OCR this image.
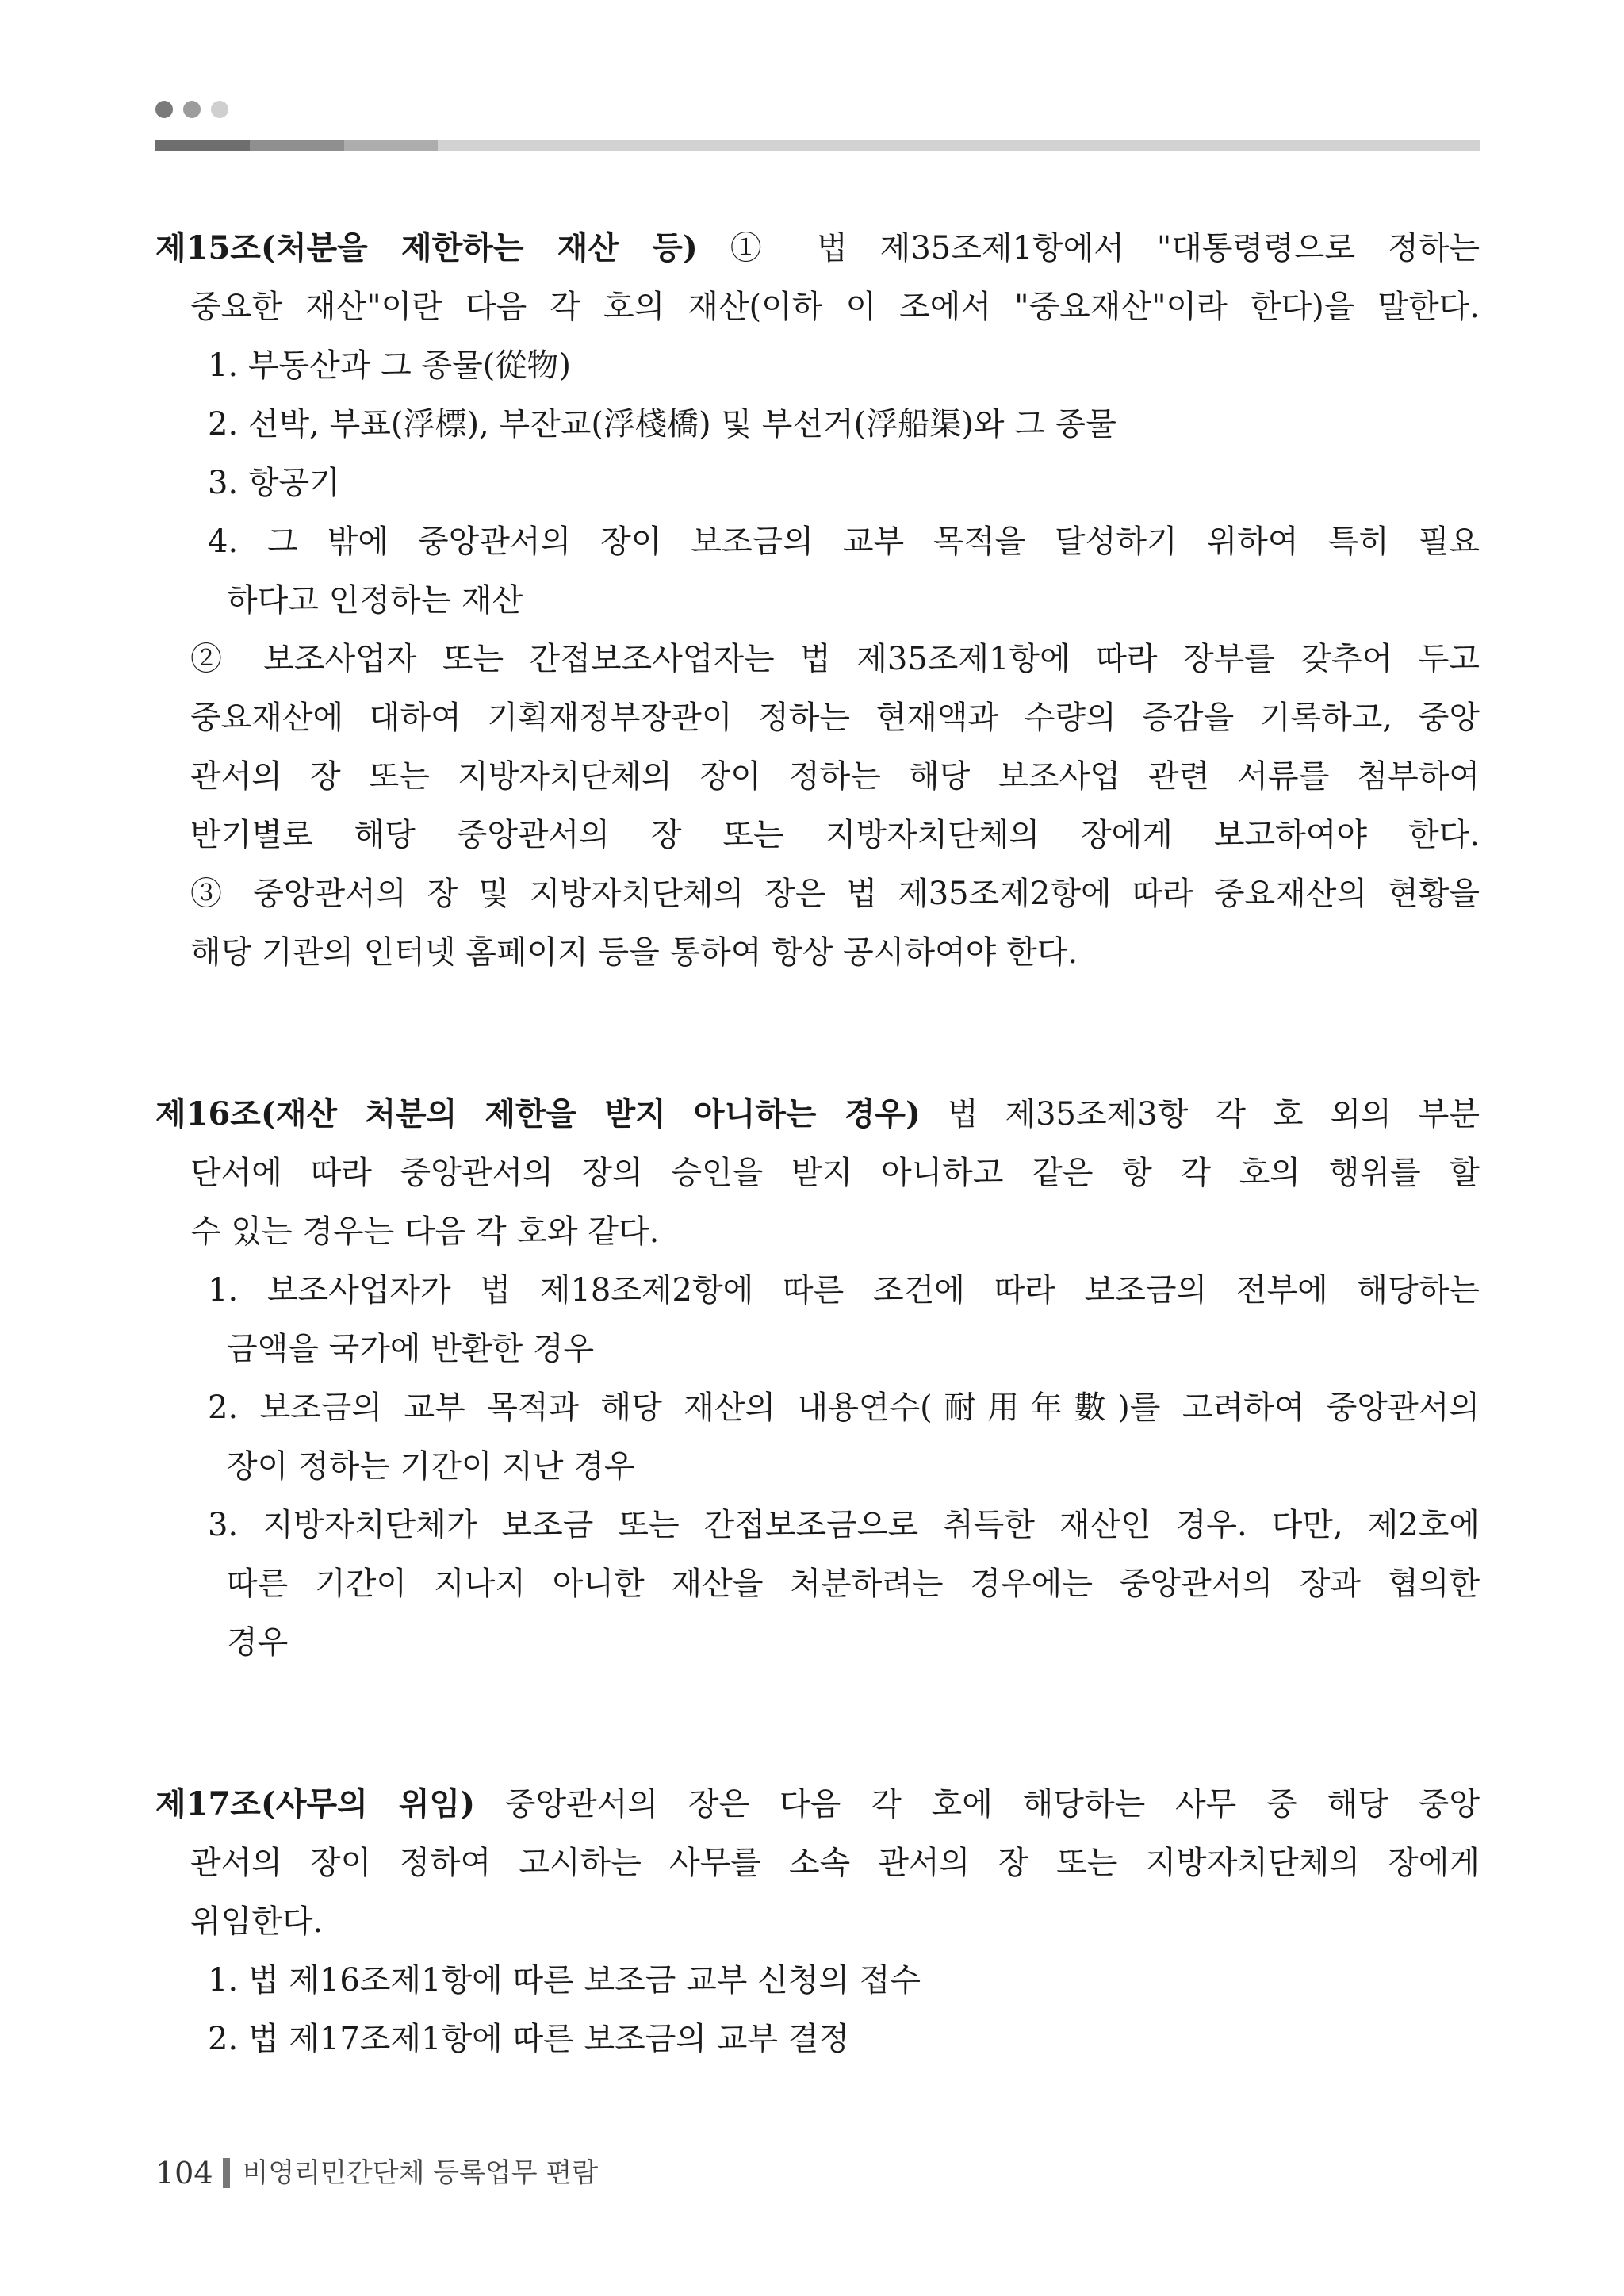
제15조(처분을 제한하는 재산 등) ① 법 제35조제1항에서 "대통령령으로 정하는
중요한 재산"이란 다음 각 호의 재산(이하 이 조에서 "중요재산"이라 한다)을 말한다.
1. 부동산과 그 종물(從物)
2. 선박, 부표(浮標), 부잔교(浮棧橋) 및 부선거(浮船渠)와 그 종물
3. 항공기
4. 그 밖에 중앙관서의 장이 보조금의 교부 목적을 달성하기 위하여 특히 필요
하다고 인정하는 재산
② 보조사업자 또는 간접보조사업자는 법 제35조제1항에 따라 장부를 갖추어 두고
중요재산에 대하여 기획재정부장관이 정하는 현재액과 수량의 증감을 기록하고, 중앙
관서의 장 또는 지방자치단체의 장이 정하는 해당 보조사업 관련 서류를 첨부하여
반기별로 해당 중앙관서의 장 또는 지방자치단체의 장에게 보고하여야 한다.
③ 중앙관서의 장 및 지방자치단체의 장은 법 제35조제2항에 따라 중요재산의 현황을
해당 기관의 인터넷 홈페이지 등을 통하여 항상 공시하여야 한다.
제16조(재산 처분의 제한을 받지 아니하는 경우) 법 제35조제3항 각 호 외의 부분
단서에 따라 중앙관서의 장의 승인을 받지 아니하고 같은 항 각 호의 행위를 할
수 있는 경우는 다음 각 호와 같다.
1. 보조사업자가 법 제18조제2항에 따른 조건에 따라 보조금의 전부에 해당하는
금액을 국가에 반환한 경우
2. 보조금의 교부 목적과 해당 재산의 내용연수(耐用年數)를 고려하여 중앙관서의
장이 정하는 기간이 지난 경우
3. 지방자치단체가 보조금 또는 간접보조금으로 취득한 재산인 경우. 다만, 제2호에
따른 기간이 지나지 아니한 재산을 처분하려는 경우에는 중앙관서의 장과 협의한
경우
제17조(사무의 위임) 중앙관서의 장은 다음 각 호에 해당하는 사무 중 해당 중앙
관서의 장이 정하여 고시하는 사무를 소속 관서의 장 또는 지방자치단체의 장에게
위임한다.
1. 법 제16조제1항에 따른 보조금 교부 신청의 접수
2. 법 제17조제1항에 따른 보조금의 교부 결정
104 비영리민간단체 등록업무 편람
